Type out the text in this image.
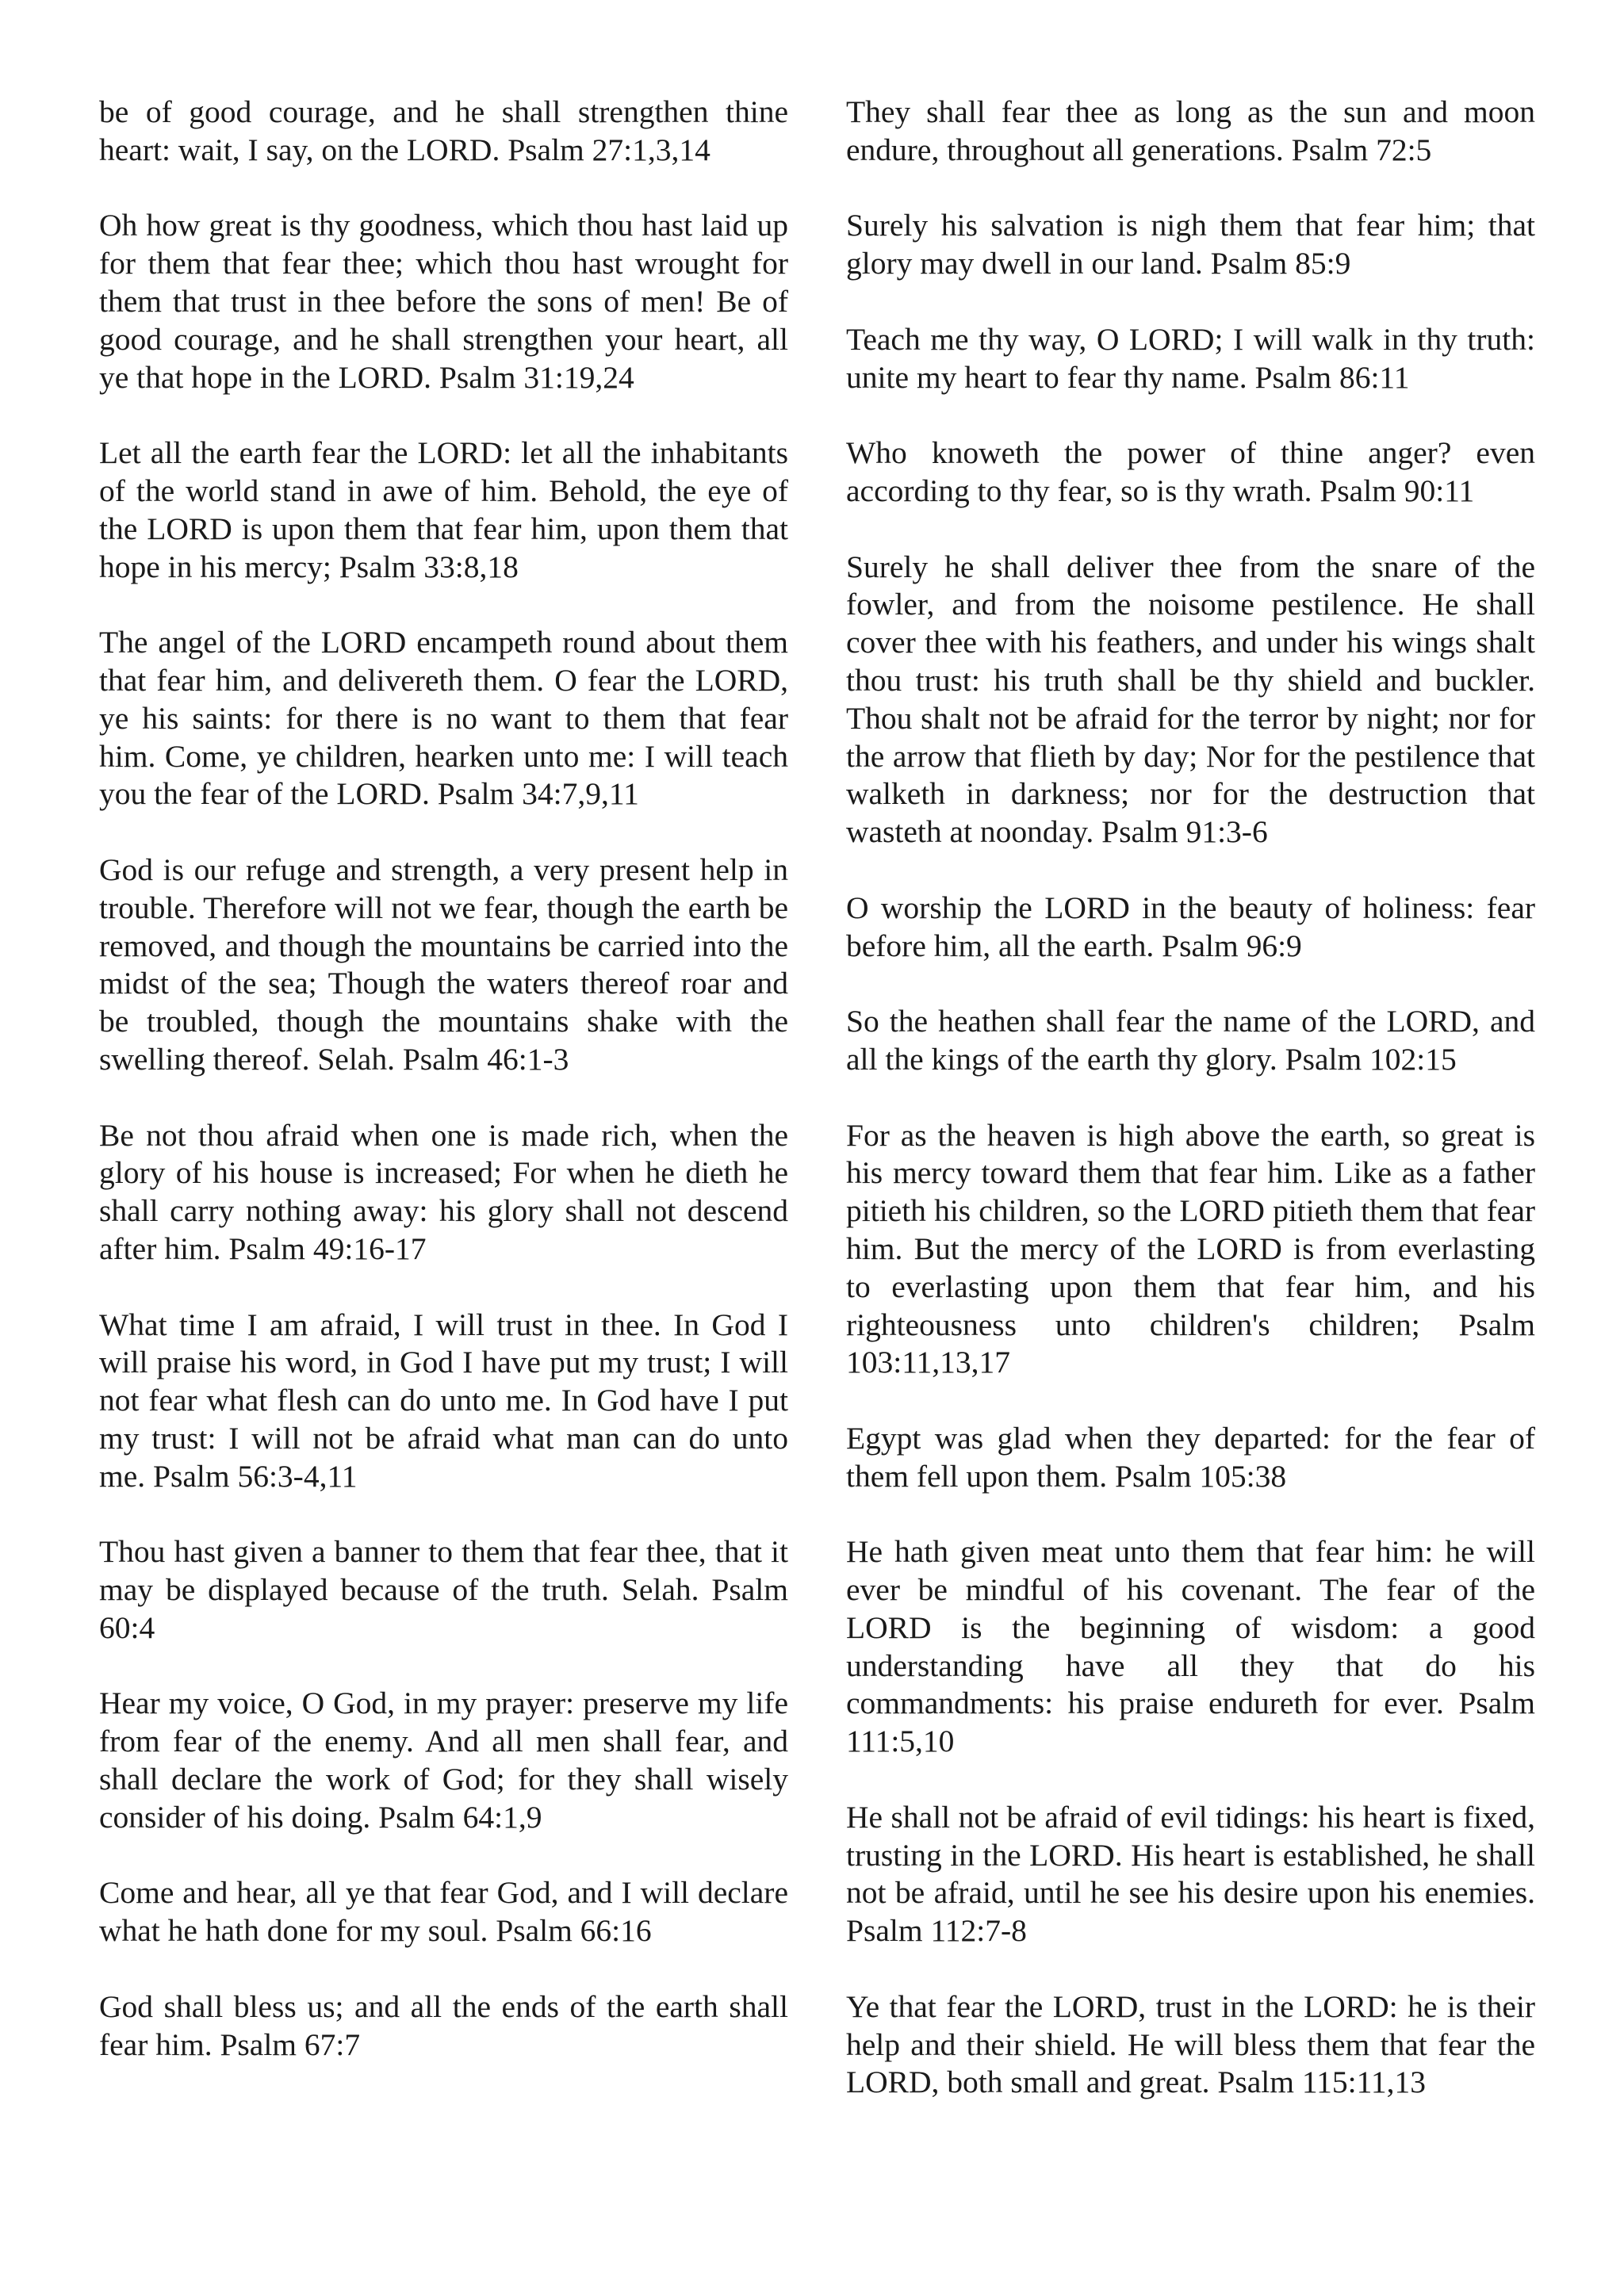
be of good courage, and he shall strengthen thine heart: wait, I say, on the LORD. Psalm 27:1,3,14

Oh how great is thy goodness, which thou hast laid up for them that fear thee; which thou hast wrought for them that trust in thee before the sons of men! Be of good courage, and he shall strengthen your heart, all ye that hope in the LORD. Psalm 31:19,24

Let all the earth fear the LORD: let all the inhabitants of the world stand in awe of him. Behold, the eye of the LORD is upon them that fear him, upon them that hope in his mercy; Psalm 33:8,18

The angel of the LORD encampeth round about them that fear him, and delivereth them. O fear the LORD, ye his saints: for there is no want to them that fear him. Come, ye children, hearken unto me: I will teach you the fear of the LORD. Psalm 34:7,9,11

God is our refuge and strength, a very present help in trouble. Therefore will not we fear, though the earth be removed, and though the mountains be carried into the midst of the sea; Though the waters thereof roar and be troubled, though the mountains shake with the swelling thereof. Selah. Psalm 46:1-3

Be not thou afraid when one is made rich, when the glory of his house is increased; For when he dieth he shall carry nothing away: his glory shall not descend after him. Psalm 49:16-17

What time I am afraid, I will trust in thee. In God I will praise his word, in God I have put my trust; I will not fear what flesh can do unto me. In God have I put my trust: I will not be afraid what man can do unto me. Psalm 56:3-4,11

Thou hast given a banner to them that fear thee, that it may be displayed because of the truth. Selah. Psalm 60:4

Hear my voice, O God, in my prayer: preserve my life from fear of the enemy. And all men shall fear, and shall declare the work of God; for they shall wisely consider of his doing. Psalm 64:1,9

Come and hear, all ye that fear God, and I will declare what he hath done for my soul. Psalm 66:16

God shall bless us; and all the ends of the earth shall fear him. Psalm 67:7

They shall fear thee as long as the sun and moon endure, throughout all generations. Psalm 72:5

Surely his salvation is nigh them that fear him; that glory may dwell in our land. Psalm 85:9

Teach me thy way, O LORD; I will walk in thy truth: unite my heart to fear thy name. Psalm 86:11

Who knoweth the power of thine anger? even according to thy fear, so is thy wrath. Psalm 90:11

Surely he shall deliver thee from the snare of the fowler, and from the noisome pestilence. He shall cover thee with his feathers, and under his wings shalt thou trust: his truth shall be thy shield and buckler. Thou shalt not be afraid for the terror by night; nor for the arrow that flieth by day; Nor for the pestilence that walketh in darkness; nor for the destruction that wasteth at noonday. Psalm 91:3-6

O worship the LORD in the beauty of holiness: fear before him, all the earth. Psalm 96:9

So the heathen shall fear the name of the LORD, and all the kings of the earth thy glory. Psalm 102:15

For as the heaven is high above the earth, so great is his mercy toward them that fear him. Like as a father pitieth his children, so the LORD pitieth them that fear him. But the mercy of the LORD is from everlasting to everlasting upon them that fear him, and his righteousness unto children's children; Psalm 103:11,13,17

Egypt was glad when they departed: for the fear of them fell upon them. Psalm 105:38

He hath given meat unto them that fear him: he will ever be mindful of his covenant. The fear of the LORD is the beginning of wisdom: a good understanding have all they that do his commandments: his praise endureth for ever. Psalm 111:5,10

He shall not be afraid of evil tidings: his heart is fixed, trusting in the LORD. His heart is established, he shall not be afraid, until he see his desire upon his enemies. Psalm 112:7-8

Ye that fear the LORD, trust in the LORD: he is their help and their shield. He will bless them that fear the LORD, both small and great. Psalm 115:11,13
